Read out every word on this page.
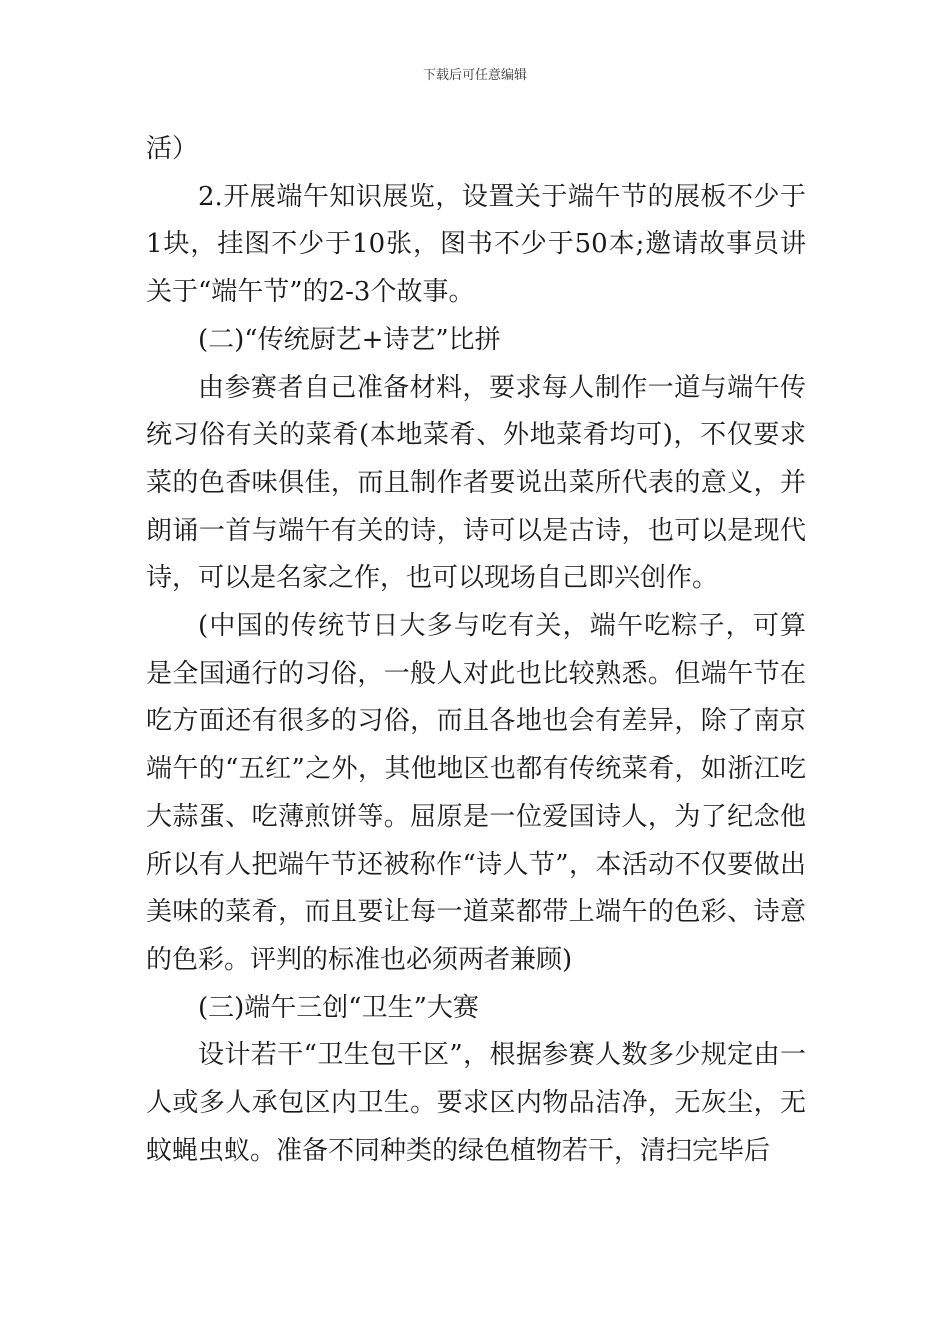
下载后可任意编辑

活）

2.开展端午知识展览，设置关于端午节的展板不少于1块，挂图不少于10张，图书不少于50本;邀请故事员讲关于“端午节”的2-3个故事。

(二)“传统厨艺+诗艺”比拼

由参赛者自己准备材料，要求每人制作一道与端午传统习俗有关的菜肴(本地菜肴、外地菜肴均可)，不仅要求菜的色香味俱佳，而且制作者要说出菜所代表的意义，并朗诵一首与端午有关的诗，诗可以是古诗，也可以是现代诗，可以是名家之作，也可以现场自己即兴创作。

(中国的传统节日大多与吃有关，端午吃粽子，可算是全国通行的习俗，一般人对此也比较熟悉。但端午节在吃方面还有很多的习俗，而且各地也会有差异，除了南京端午的“五红”之外，其他地区也都有传统菜肴，如浙江吃大蒜蛋、吃薄煎饼等。屈原是一位爱国诗人，为了纪念他所以有人把端午节还被称作“诗人节”，本活动不仅要做出美味的菜肴，而且要让每一道菜都带上端午的色彩、诗意的色彩。评判的标准也必须两者兼顾)

(三)端午三创“卫生”大赛

设计若干“卫生包干区”，根据参赛人数多少规定由一人或多人承包区内卫生。要求区内物品洁净，无灰尘，无蚊蝇虫蚁。准备不同种类的绿色植物若干，清扫完毕后
